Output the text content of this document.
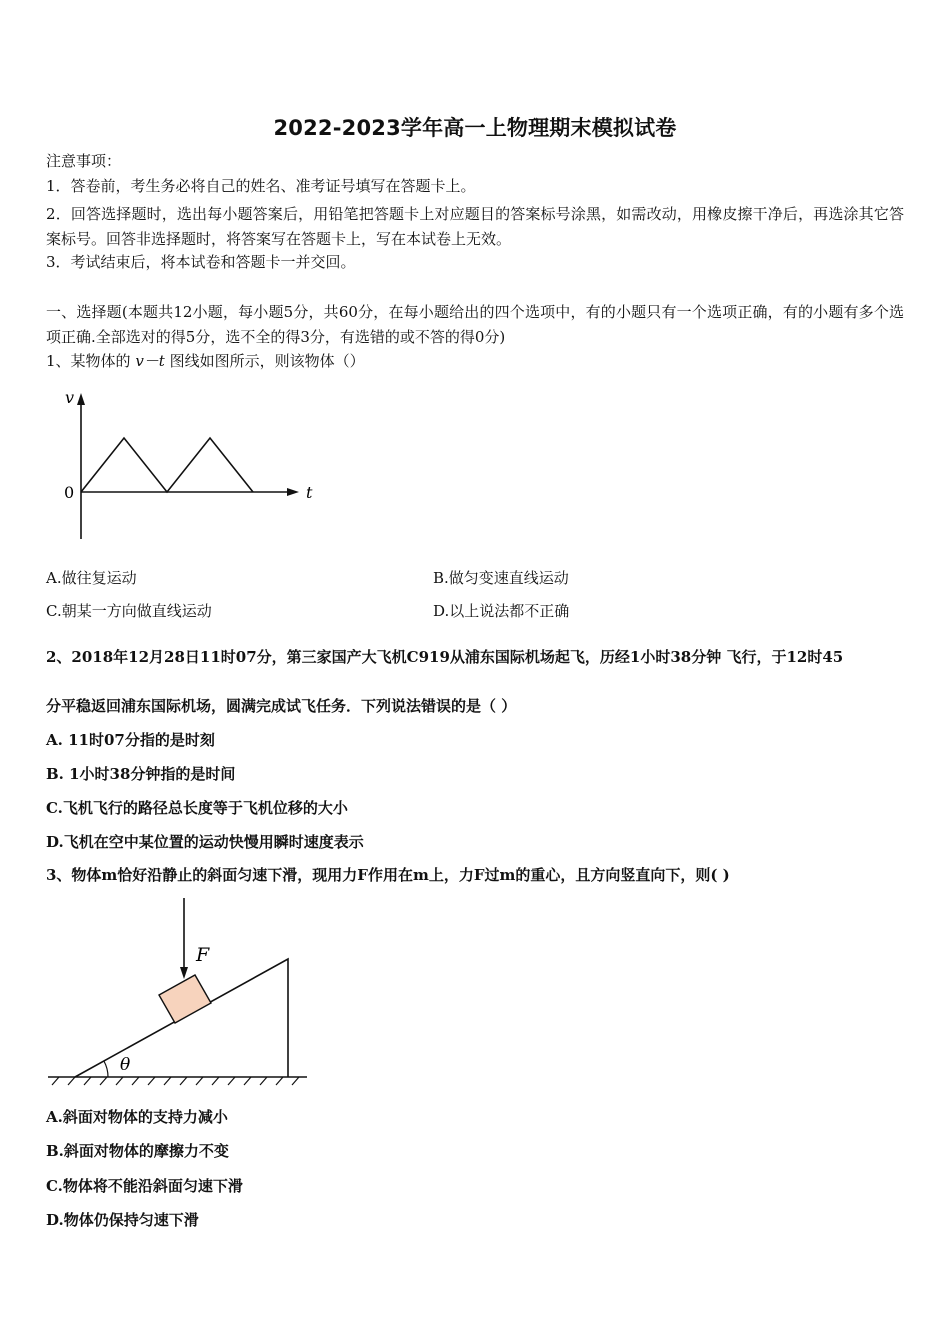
2022-2023学年高一上物理期末模拟试卷
注意事项：
1．答卷前，考生务必将自己的姓名、准考证号填写在答题卡上。
2．回答选择题时，选出每小题答案后，用铅笔把答题卡上对应题目的答案标号涂黑，如需改动，用橡皮擦干净后，再选涂其它答案标号。回答非选择题时，将答案写在答题卡上，写在本试卷上无效。
3．考试结束后，将本试卷和答题卡一并交回。
一、选择题(本题共12小题，每小题5分，共60分，在每小题给出的四个选项中，有的小题只有一个选项正确，有的小题有多个选项正确.全部选对的得5分，选不全的得3分，有选错的或不答的得0分)
1、某物体的 v－t 图线如图所示，则该物体（）
v
t
0
A.做往复运动	B.做匀变速直线运动
C.朝某一方向做直线运动	D.以上说法都不正确
2、2018年12月28日11时07分，第三家国产大飞机C919从浦东国际机场起飞，历经1小时38分钟 飞行，于12时45
分平稳返回浦东国际机场，圆满完成试飞任务．下列说法错误的是（ ）
A. 11时07分指的是时刻
B. 1小时38分钟指的是时间
C.飞机飞行的路径总长度等于飞机位移的大小
D.飞机在空中某位置的运动快慢用瞬时速度表示
3、物体m恰好沿静止的斜面匀速下滑，现用力F作用在m上，力F过m的重心，且方向竖直向下，则( )
θ
F
A.斜面对物体的支持力减小
B.斜面对物体的摩擦力不变
C.物体将不能沿斜面匀速下滑
D.物体仍保持匀速下滑
